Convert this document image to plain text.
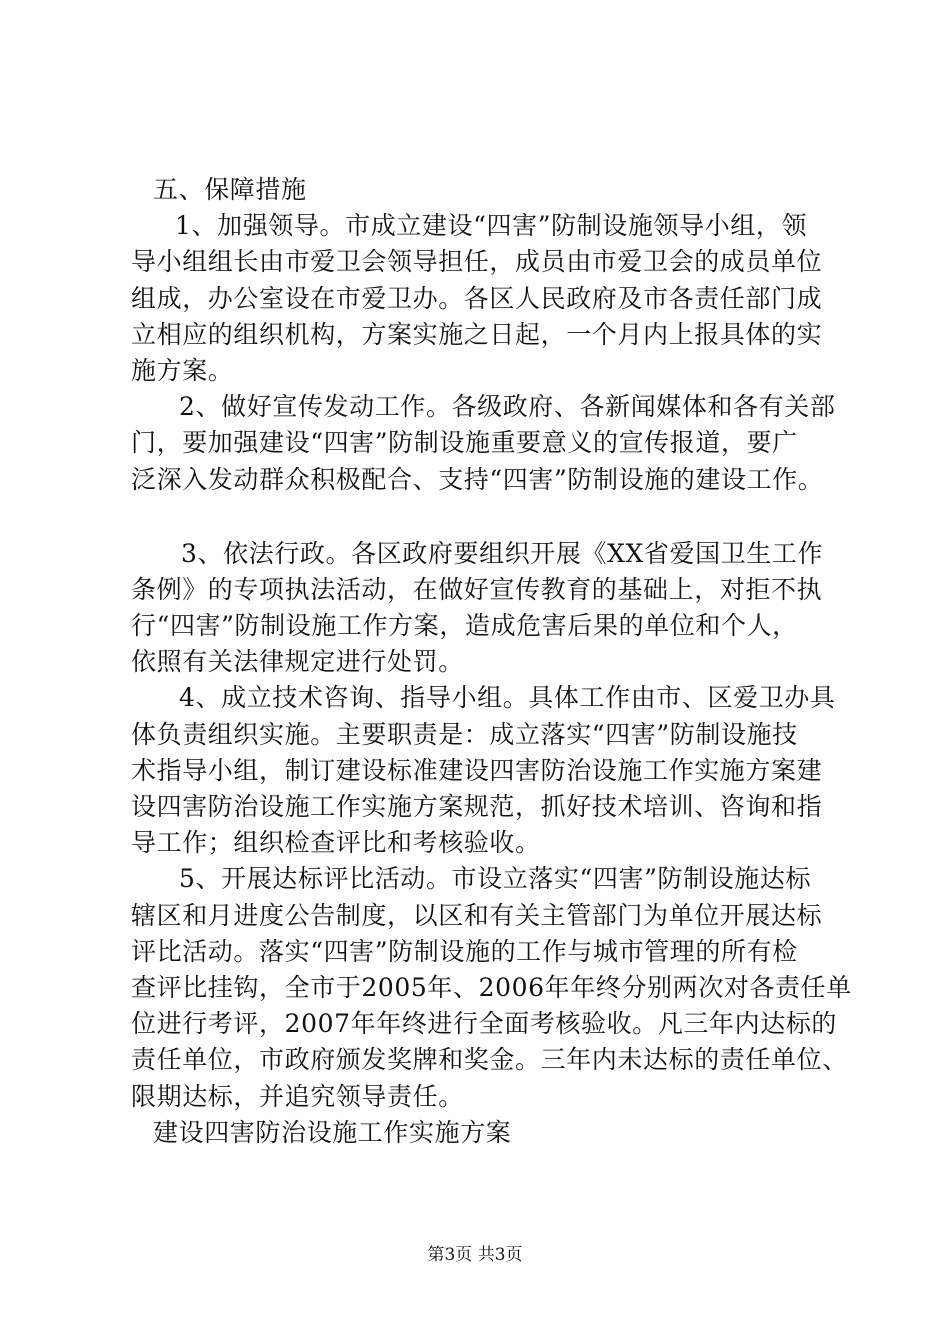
五、保障措施
1、加强领导。市成立建设“四害”防制设施领导小组，领
导小组组长由市爱卫会领导担任，成员由市爱卫会的成员单位
组成，办公室设在市爱卫办。各区人民政府及市各责任部门成
立相应的组织机构，方案实施之日起，一个月内上报具体的实
施方案。
2、做好宣传发动工作。各级政府、各新闻媒体和各有关部
门，要加强建设“四害”防制设施重要意义的宣传报道，要广
泛深入发动群众积极配合、支持“四害”防制设施的建设工作。
3、依法行政。各区政府要组织开展《XX省爱国卫生工作
条例》的专项执法活动，在做好宣传教育的基础上，对拒不执
行“四害”防制设施工作方案，造成危害后果的单位和个人，
依照有关法律规定进行处罚。
4、成立技术咨询、指导小组。具体工作由市、区爱卫办具
体负责组织实施。主要职责是：成立落实“四害”防制设施技
术指导小组，制订建设标准建设四害防治设施工作实施方案建
设四害防治设施工作实施方案规范，抓好技术培训、咨询和指
导工作；组织检查评比和考核验收。
5、开展达标评比活动。市设立落实“四害”防制设施达标
辖区和月进度公告制度，以区和有关主管部门为单位开展达标
评比活动。落实“四害”防制设施的工作与城市管理的所有检
查评比挂钩，全市于2005年、2006年年终分别两次对各责任单
位进行考评，2007年年终进行全面考核验收。凡三年内达标的
责任单位，市政府颁发奖牌和奖金。三年内未达标的责任单位、
限期达标，并追究领导责任。
建设四害防治设施工作实施方案
第3页 共3页
